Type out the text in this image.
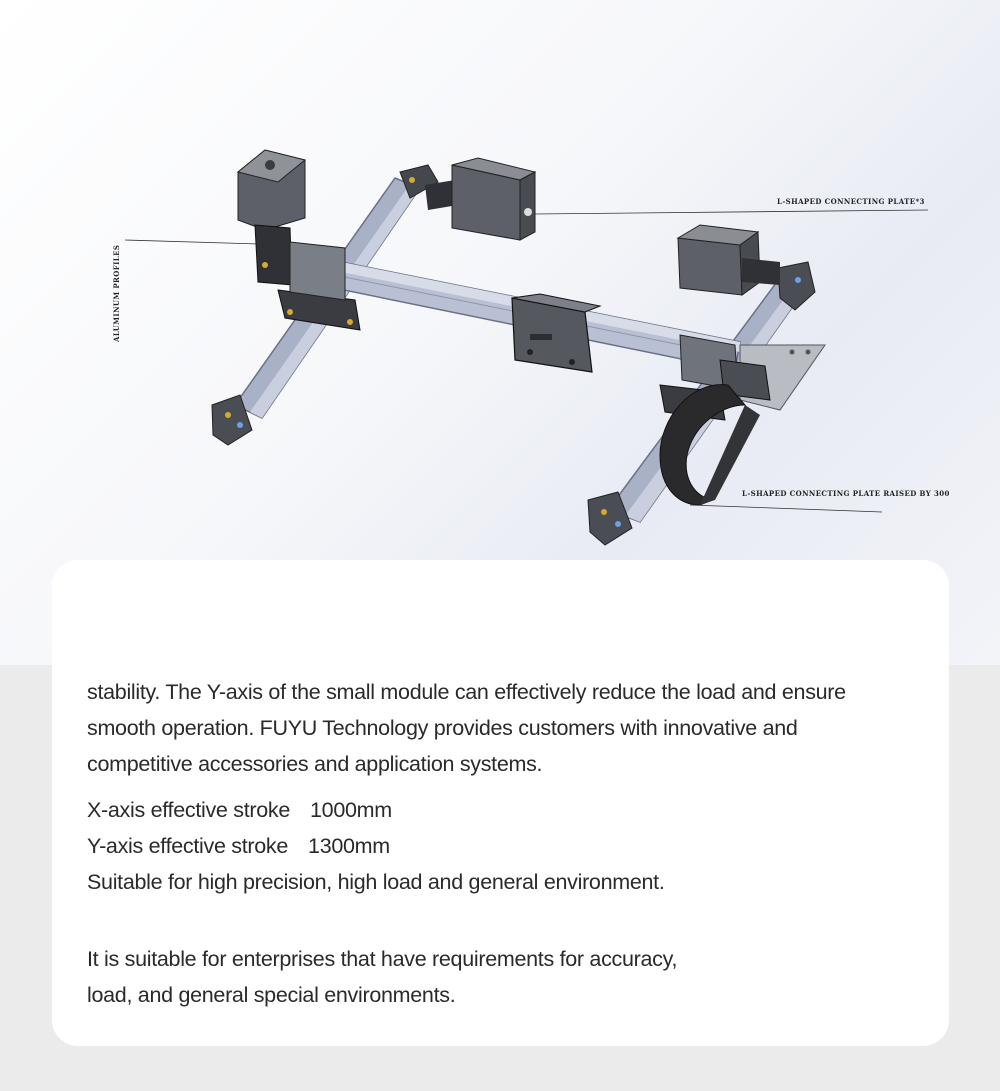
L-SHAPED CONNECTING PLATE*3
ALUMINUM PROFILES
L-SHAPED CONNECTING PLATE RAISED BY 300
stability. The Y-axis of the small module can effectively reduce the load and ensure
smooth operation. FUYU Technology provides customers with innovative and
competitive accessories and application systems.
X-axis effective stroke 1000mm
Y-axis effective stroke 1300mm
Suitable for high precision, high load and general environment.
It is suitable for enterprises that have requirements for accuracy,
load, and general special environments.
